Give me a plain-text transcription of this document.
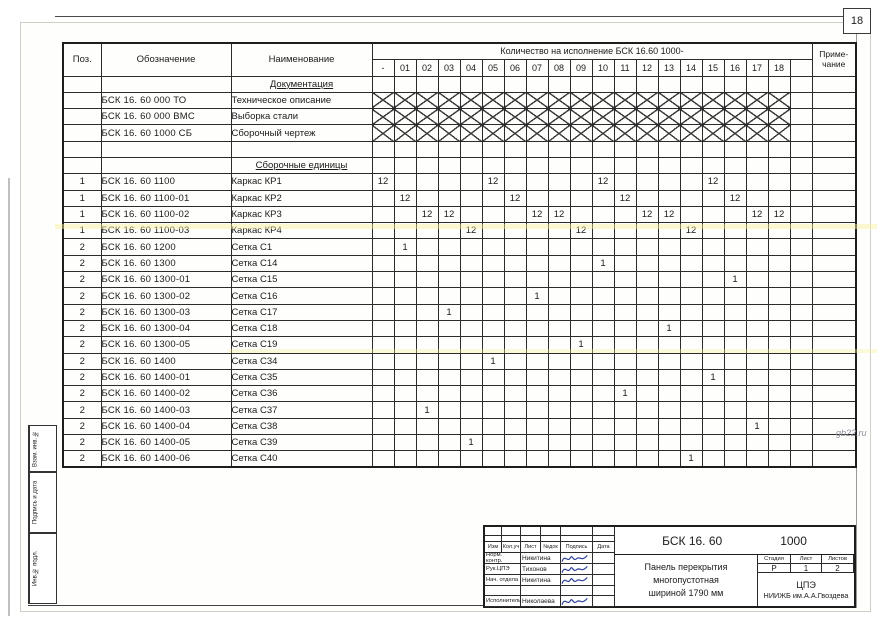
18
Поз.	Обозначение	Наименование	Количество на исполнение БСК 16.60 1000-																				Приме-
чание
			-	01	02	03	04	05	06	07	08	09	10	11	12	13	14	15	16	17	18		
		Документация																					
	БСК 16. 60 000 ТО	Техническое описание																					
	БСК 16. 60 000 ВМС	Выборка стали																					
	БСК 16. 60 1000 СБ	Сборочный чертеж																					

		Сборочные единицы																					
1	БСК 16. 60 1100	Каркас КР1	12					12					12					12					
1	БСК 16. 60 1100-01	Каркас КР2		12					12					12					12				
1	БСК 16. 60 1100-02	Каркас КР3			12	12				12	12				12	12				12	12		
1	БСК 16. 60 1100-03	Каркас КР4					12					12					12						
2	БСК 16. 60 1200	Сетка С1		1																			
2	БСК 16. 60 1300	Сетка С14											1										
2	БСК 16. 60 1300-01	Сетка С15																	1				
2	БСК 16. 60 1300-02	Сетка С16								1													
2	БСК 16. 60 1300-03	Сетка С17				1																	
2	БСК 16. 60 1300-04	Сетка С18														1							
2	БСК 16. 60 1300-05	Сетка С19										1											
2	БСК 16. 60 1400	Сетка С34						1															
2	БСК 16. 60 1400-01	Сетка С35																1					
2	БСК 16. 60 1400-02	Сетка С36												1									
2	БСК 16. 60 1400-03	Сетка С37			1																		
2	БСК 16. 60 1400-04	Сетка С38																		1			
2	БСК 16. 60 1400-05	Сетка С39					1																
2	БСК 16. 60 1400-06	Сетка С40															1						
gb22.ru
Взам. инв. №
Подпись и дата
Инв.№ подл.
Изм Кол.уч Лист	№док	Подпись	Дата
Норм. контр.	Никитина
Рук.ЦПЭ	Тихонов
Нач. отдела Никитина
Исполнитель Николаева
БСК 16. 60	1000
Панель перекрытия
многопустотная
шириной 1790 мм
Стадия	Лист	Листов
Р	1	2
ЦПЭ
НИИЖБ им.А.А.Гвоздева
